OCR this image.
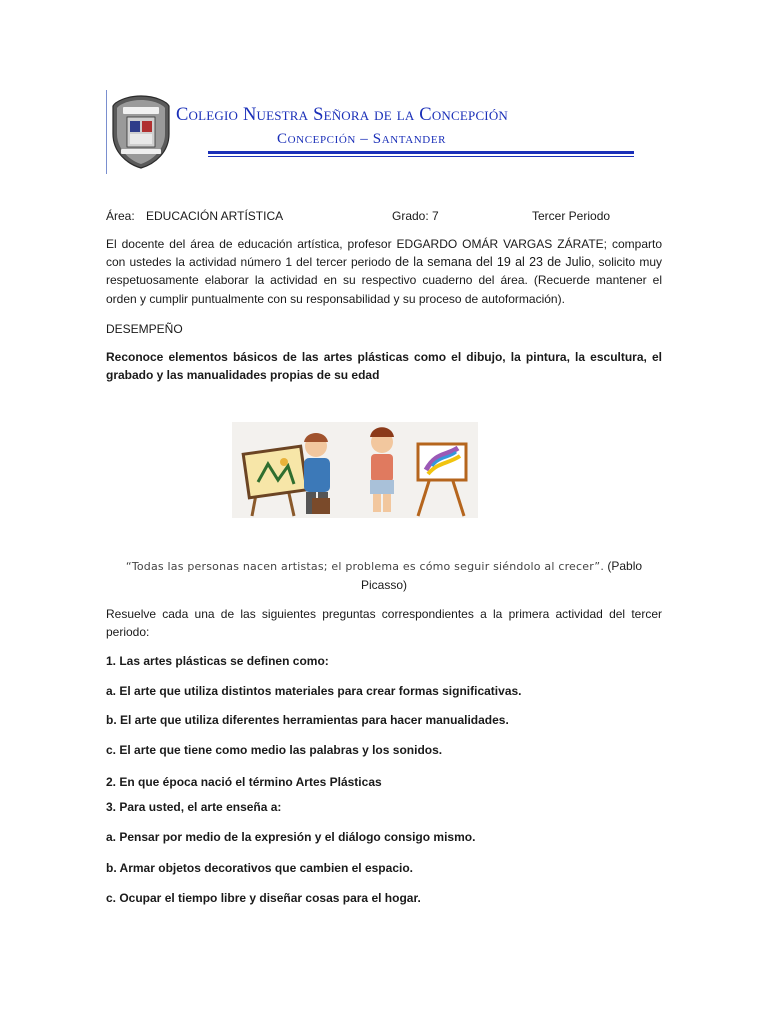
Colegio Nuestra Señora de la Concepción
Concepción – Santander
Área: EDUCACIÓN ARTÍSTICA	Grado: 7	Tercer Periodo
El docente del área de educación artística, profesor EDGARDO OMÁR VARGAS ZÁRATE; comparto con ustedes la actividad número 1 del tercer periodo de la semana del 19 al 23 de Julio, solicito muy respetuosamente elaborar la actividad en su respectivo cuaderno del área. (Recuerde mantener el orden y cumplir puntualmente con su responsabilidad y su proceso de autoformación).
DESEMPEÑO
Reconoce elementos básicos de las artes plásticas como el dibujo, la pintura, la escultura, el grabado y las manualidades propias de su edad
“Todas las personas nacen artistas; el problema es cómo seguir siéndolo al crecer”. (Pablo Picasso)
Resuelve cada una de las siguientes preguntas correspondientes a la primera actividad del tercer periodo:
1. Las artes plásticas se definen como:
a. El arte que utiliza distintos materiales para crear formas significativas.
b. El arte que utiliza diferentes herramientas para hacer manualidades.
c. El arte que tiene como medio las palabras y los sonidos.
2. En que época nació el término Artes Plásticas
3. Para usted, el arte enseña a:
a. Pensar por medio de la expresión y el diálogo consigo mismo.
b. Armar objetos decorativos que cambien el espacio.
c. Ocupar el tiempo libre y diseñar cosas para el hogar.
